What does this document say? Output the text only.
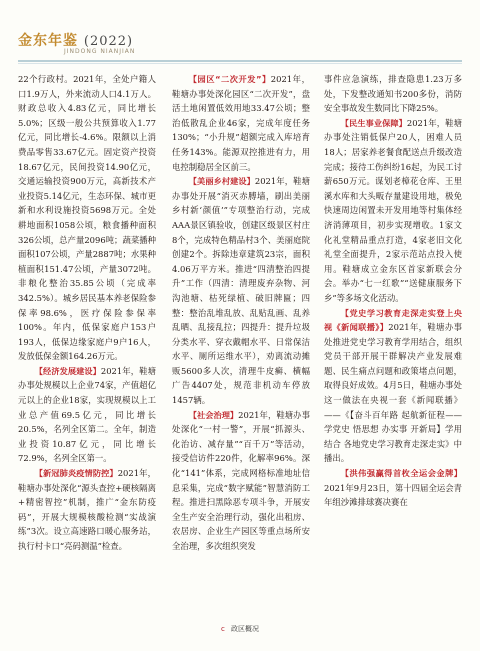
金东年鉴 (2022)
JINDONG NIANJIAN

22个行政村。2021年，全处户籍人口1.9万人，外来流动人口4.1万人。财政总收入4.83亿元，同比增长5.0%；区级一般公共预算收入1.77亿元，同比增长-4.6%。限额以上消费品零售33.67亿元。固定资产投资18.67亿元，民间投资14.90亿元，交通运输投资900万元，高新技术产业投资5.14亿元，生态环保、城市更新和水利设施投资5698万元。全处耕地面积1058公顷，粮食播种面积326公顷，总产量2096吨；蔬菜播种面积107公顷，产量2887吨；水果种植面积151.47公顷，产量3072吨。非粮化整治35.85公顷（完成率342.5%）。城乡居民基本养老保险参保率98.6%，医疗保险参保率100%。年内，低保家庭户153户193人，低保边缘家庭户9户16人，发放低保金额164.26万元。

【经济发展建设】2021年，鞋塘办事处规模以上企业74家，产值超亿元以上的企业18家，实现规模以上工业总产值69.5亿元，同比增长20.5%，名列全区第二。全年，制造业投资10.87亿元，同比增长72.9%，名列全区第一。

【新冠肺炎疫情防控】2021年，鞋塘办事处深化“源头查控+硬核隔离+精密智控”机制，推广“金东防疫码”，开展大规模核酸检测“实战演练”3次。设立高速路口暖心服务站，执行村卡口“亮码测温”检查。

【园区“二次开发”】2021年，鞋塘办事处深化园区“二次开发”，盘活土地闲置低效用地33.47公顷；整治低散乱企业46家，完成年度任务130%；“小升规”超额完成入库培育任务143%。能源双控推进有力，用电控制稳居全区前三。

【美丽乡村建设】2021年，鞋塘办事处开展“消灭赤膊墙，刷出美丽乡村新‘颜值’”专项整治行动，完成AAA景区镇验收，创建区级景区村庄8个，完成特色精品村3个、美丽庭院创建2个。拆除违章建筑23宗，面积4.06万平方米。推进“四清整治四提升”工作（四清：清理废弃杂物、河沟池塘、枯死绿植、破旧牌匾；四整：整治乱堆乱放、乱贴乱画、乱养乱晒、乱接乱拉；四提升：提升垃圾分类水平、穿衣戴帽水平、日常保洁水平、厕所运维水平），劝离流动摊贩5600多人次，清理牛皮癣、横幅广告4407处，规范非机动车停放1457辆。

【社会治理】2021年，鞋塘办事处深化“一村一警”，开展“抓源头、化治访、减存量”“百千万”等活动，接受信访件220件，化解率96%。深化“141”体系，完成网格标准地址信息采集，完成“数字赋能”智慧消防工程。推进扫黑除恶专项斗争，开展安全生产安全治理行动，强化出租房、农居房、企业生产园区等重点场所安全治理，多次组织突发

事件应急演练，排查隐患1.23万多处，下发整改通知书200多份，消防安全事故发生数同比下降25%。

【民生事业保障】2021年，鞋塘办事处注销低保户20人，困难人员18人；居家养老餐食配送点升级改造完成；接待工伤纠纷16起，为民工讨薪650万元。谋划老樟花仓库、王里溪水库和大头畈存量建设用地，极免快速周边闲置未开发用地等村集体经济消薄项目，初步实现增收。1家文化礼堂精品重点打造，4家老旧文化礼堂全面提升，2家示范站点投入使用。鞋塘成立金东区首家新联会分会。举办“七一红歌”“送健康服务下乡”等多场文化活动。

【党史学习教育走深走实登上央视《新闻联播》】2021年，鞋塘办事处推进党史学习教育学用结合，组织党员干部开展干群解决产业发展难题、民生痛点问题和政策堵点问题，取得良好成效。4月5日，鞋塘办事处这一做法在央视一套《新闻联播》——《【奋斗百年路 起航新征程——学党史 悟思想 办实事 开新局】学用结合 各地党史学习教育走深走实》中播出。

【洪伟强赢得首枚全运会金牌】2021年9月23日，第十四届全运会青年组沙滩排球赛决赛在

c 政区概况
